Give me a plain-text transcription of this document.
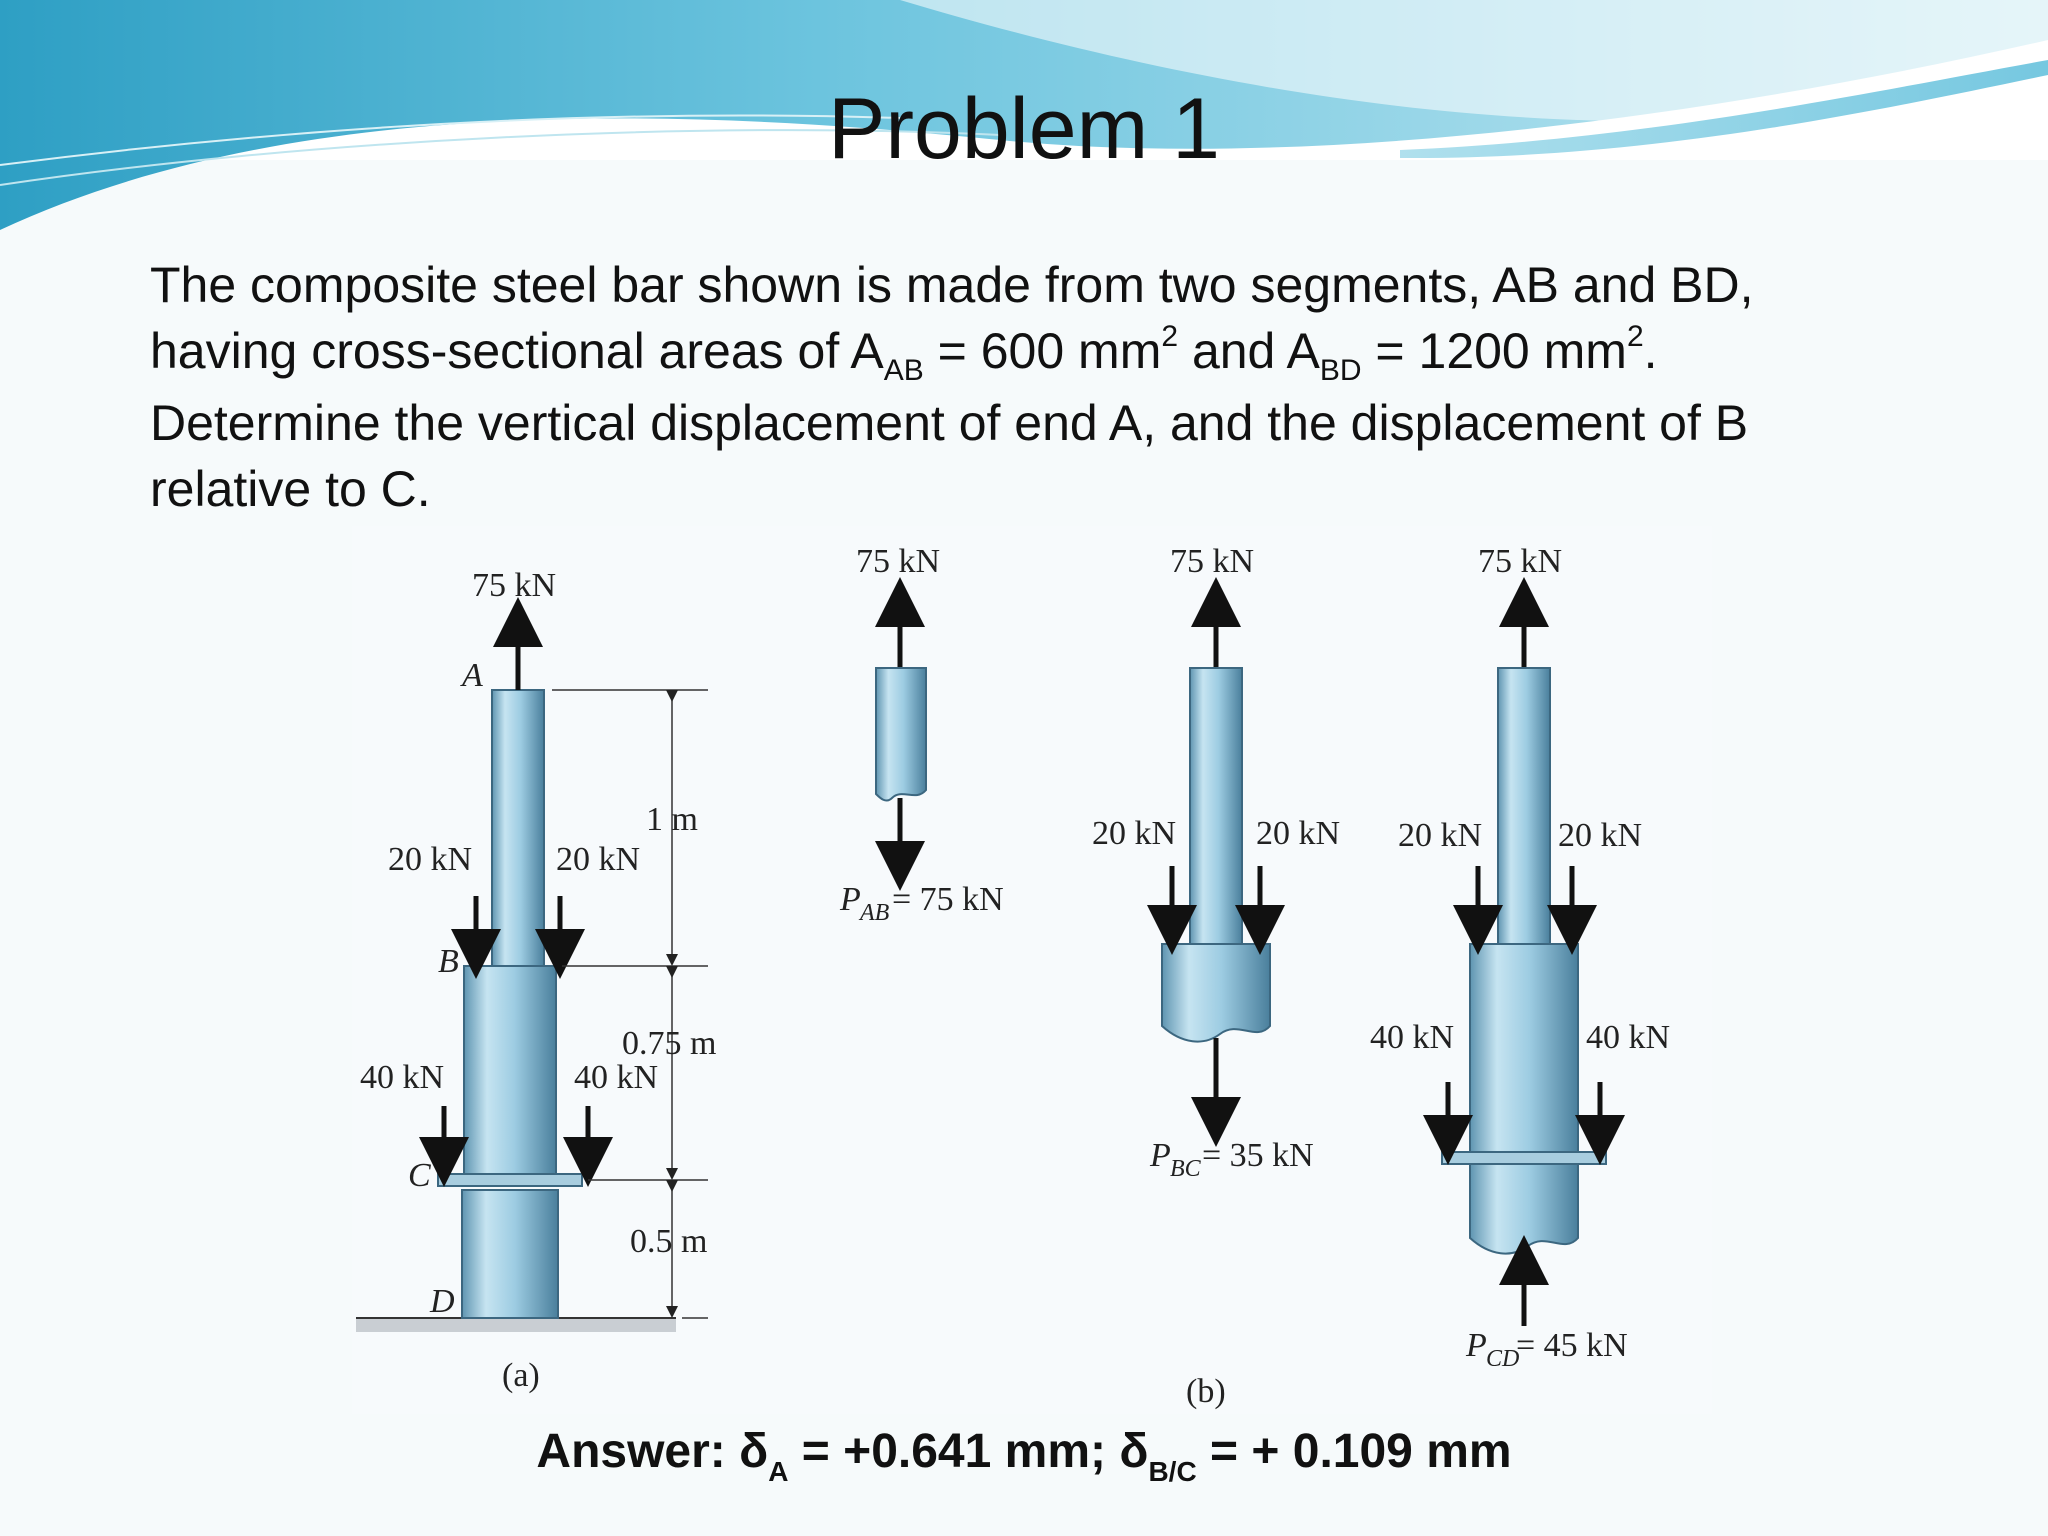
Problem 1

The composite steel bar shown is made from two segments, AB and BD,

having cross-sectional areas of $A_{AB} = 600$ $mm^2$ and $A_{BD} = 1200$ $mm^2$.

Determine the vertical displacement of end A, and the displacement of B

relative to C.

75 kN
A
20 kN 20 kN
B
40 kN	40 kN
C
D
1 m
0.75 m
0.5 m
(a)
75 kN
P AB = 75 kN
75 kN
20 kN 20 kN
P BC = 35 kN
(b)
75 kN
20 kN 20 kN
40 kN	40 kN
P CD
= 45 kN
Answer: $\delta_A = +0.641$ mm; $\delta_{B/C}$ = + 0.109 mm
